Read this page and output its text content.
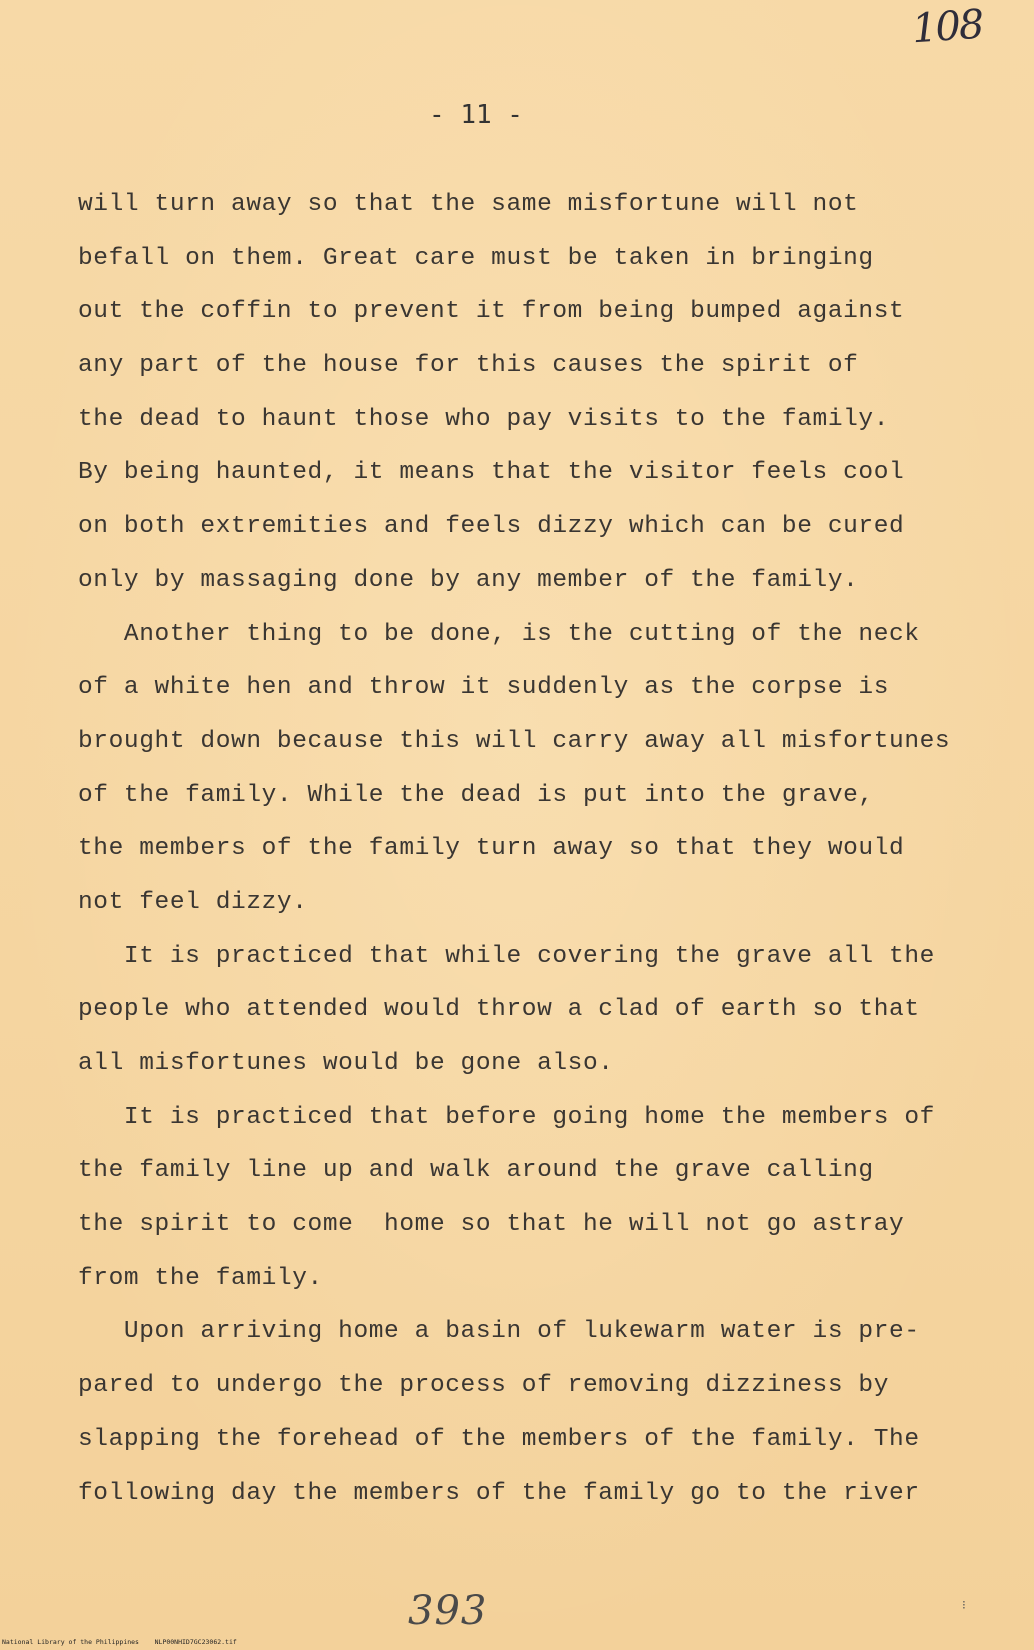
108
- 11 -
will turn away so that the same misfortune will not
befall on them. Great care must be taken in bringing
out the coffin to prevent it from being bumped against
any part of the house for this causes the spirit of
the dead to haunt those who pay visits to the family.
By being haunted, it means that the visitor feels cool
on both extremities and feels dizzy which can be cured
only by massaging done by any member of the family.
Another thing to be done, is the cutting of the neck
of a white hen and throw it suddenly as the corpse is
brought down because this will carry away all misfortunes
of the family. While the dead is put into the grave,
the members of the family turn away so that they would
not feel dizzy.
It is practiced that while covering the grave all the
people who attended would throw a clad of earth so that
all misfortunes would be gone also.
It is practiced that before going home the members of
the family line up and walk around the grave calling
the spirit to come  home so that he will not go astray
from the family.
Upon arriving home a basin of lukewarm water is pre-
pared to undergo the process of removing dizziness by
slapping the forehead of the members of the family. The
following day the members of the family go to the river
393	⁝
National Library of the Philippines    NLP00NHID7GC23062.tif
